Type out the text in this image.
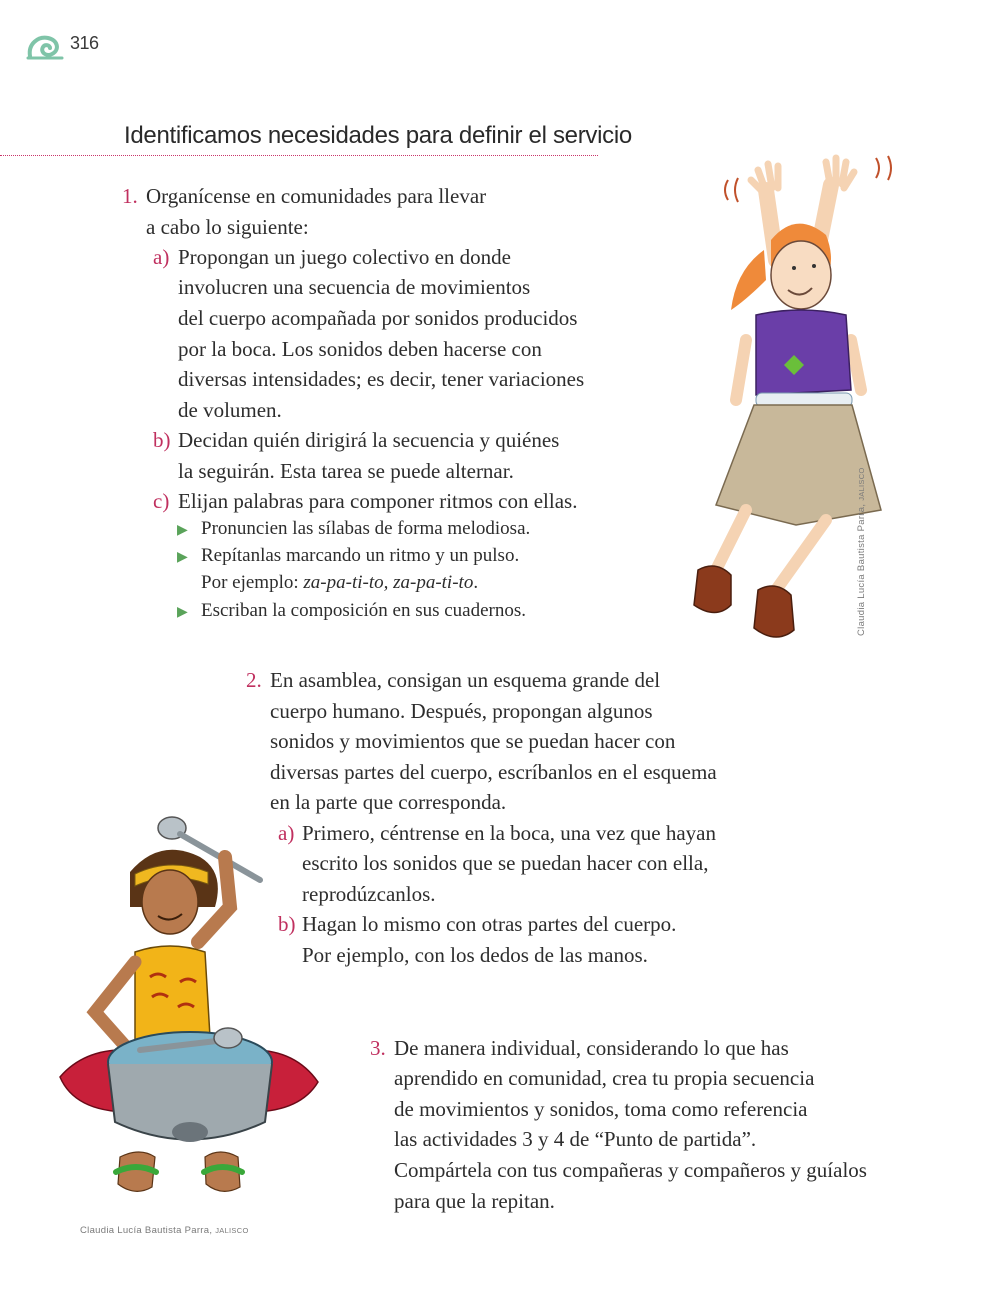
316
Identificamos necesidades para definir el servicio
1. Organícense en comunidades para llevar
a cabo lo siguiente:
a) Propongan un juego colectivo en donde
involucren una secuencia de movimientos
del cuerpo acompañada por sonidos producidos
por la boca. Los sonidos deben hacerse con
diversas intensidades; es decir, tener variaciones
de volumen.
b) Decidan quién dirigirá la secuencia y quiénes
la seguirán. Esta tarea se puede alternar.
c) Elijan palabras para componer ritmos con ellas.
▶ Pronuncien las sílabas de forma melodiosa.
▶ Repítanlas marcando un ritmo y un pulso.
Por ejemplo: za-pa-ti-to, za-pa-ti-to.
▶ Escriban la composición en sus cuadernos.	Claudia Lucía Bautista Parra, JALISCO
2. En asamblea, consigan un esquema grande del
cuerpo humano. Después, propongan algunos
sonidos y movimientos que se puedan hacer con
diversas partes del cuerpo, escríbanlos en el esquema
en la parte que corresponda.
a) Primero, céntrense en la boca, una vez que hayan
escrito los sonidos que se puedan hacer con ella,
reprodúzcanlos.
b) Hagan lo mismo con otras partes del cuerpo.
Por ejemplo, con los dedos de las manos.
Claudia Lucía Bautista Parra, JALISCO
3. De manera individual, considerando lo que has
aprendido en comunidad, crea tu propia secuencia
de movimientos y sonidos, toma como referencia
las actividades 3 y 4 de “Punto de partida”.
Compártela con tus compañeras y compañeros y guíalos
para que la repitan.
